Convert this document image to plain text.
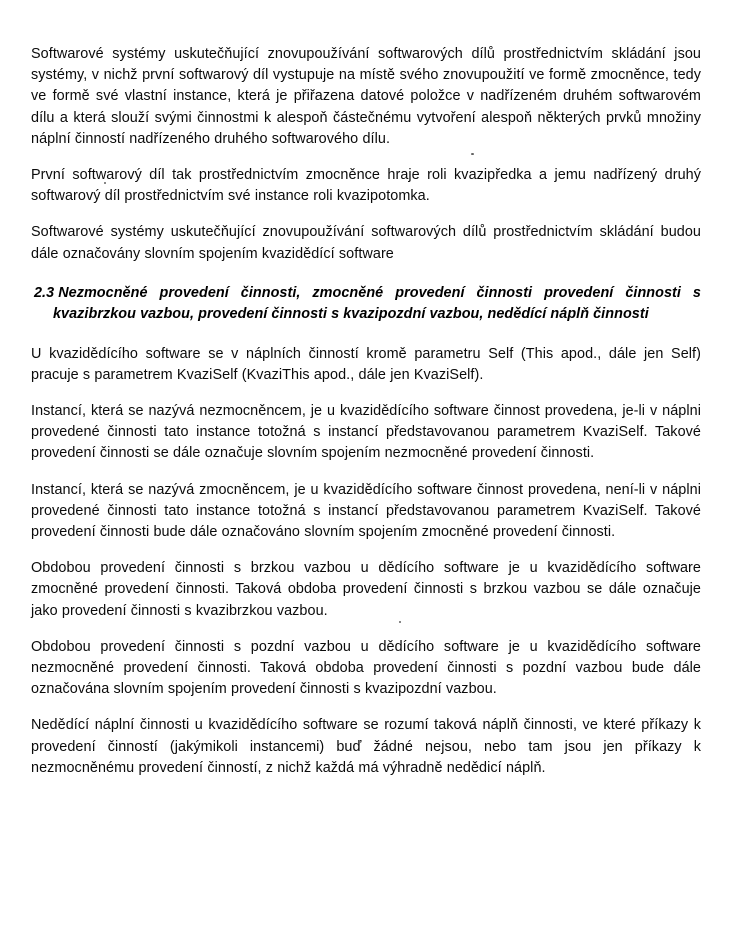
Softwarové systémy uskutečňující znovupoužívání softwarových dílů prostřednictvím skládání jsou systémy, v nichž první softwarový díl vystupuje na místě svého znovupoužití ve formě zmocněnce, tedy ve formě své vlastní instance, která je přiřazena datové položce v nadřízeném druhém softwarovém dílu a která slouží svými činnostmi k alespoň částečnému vytvoření alespoň některých prvků množiny náplní činností nadřízeného druhého softwarového dílu.

První softwarový díl tak prostřednictvím zmocněnce hraje roli kvazipředka a jemu nadřízený druhý softwarový díl prostřednictvím své instance roli kvazipotomka.

Softwarové systémy uskutečňující znovupoužívání softwarových dílů prostřednictvím skládání budou dále označovány slovním spojením kvazidědící software

2.3 Nezmocněné provedení činnosti, zmocněné provedení činnosti provedení činnosti s kvazibrzkou vazbou, provedení činnosti s kvazipozdní vazbou, nedědící náplň činnosti

U kvazidědícího software se v náplních činností kromě parametru Self (This apod., dále jen Self) pracuje s parametrem KvaziSelf (KvaziThis apod., dále jen KvaziSelf).

Instancí, která se nazývá nezmocněncem, je u kvazidědícího software činnost provedena, je-li v náplni provedené činnosti tato instance totožná s instancí představovanou parametrem KvaziSelf. Takové provedení činnosti se dále označuje slovním spojením nezmocněné provedení činnosti.

Instancí, která se nazývá zmocněncem, je u kvazidědícího software činnost provedena, není-li v náplni provedené činnosti tato instance totožná s instancí představovanou parametrem KvaziSelf. Takové provedení činnosti bude dále označováno slovním spojením zmocněné provedení činnosti.

Obdobou provedení činnosti s brzkou vazbou u dědícího software je u kvazidědícího software zmocněné provedení činnosti. Taková obdoba provedení činnosti s brzkou vazbou se dále označuje jako provedení činnosti s kvazibrzkou vazbou.

Obdobou provedení činnosti s pozdní vazbou u dědícího software je u kvazidědícího software nezmocněné provedení činnosti. Taková obdoba provedení činnosti s pozdní vazbou bude dále označována slovním spojením provedení činnosti s kvazipozdní vazbou.

Nedědící náplní činnosti u kvazidědícího software se rozumí taková náplň činnosti, ve které příkazy k provedení činností (jakýmikoli instancemi) buď žádné nejsou, nebo tam jsou jen příkazy k nezmocněnému provedení činností, z nichž každá má výhradně nedědicí náplň.
